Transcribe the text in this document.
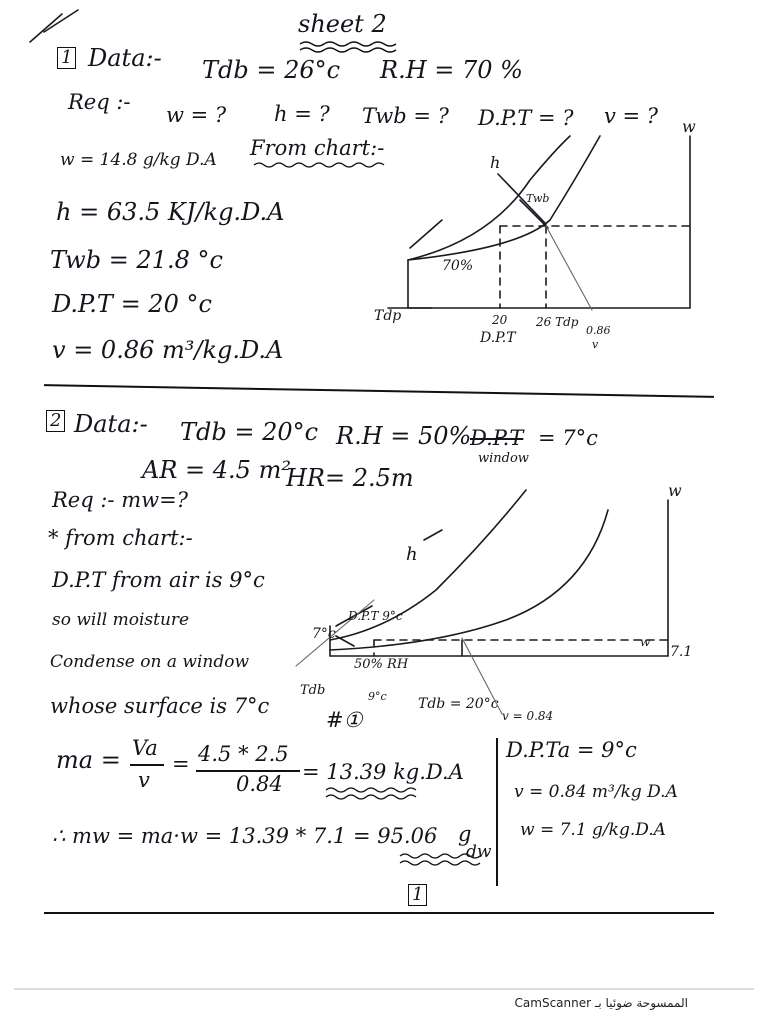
sheet 2
1 Data:- Tdb = 26°c R.H = 70 %
Req :-
w = ? h = ? Twb = ? D.P.T = ? v = ?
From chart:-
w = 14.8 g/kg D.A
h = 63.5 KJ/kg.D.A
Twb = 21.8 °c
D.P.T = 20 °c
v = 0.86 m³/kg.D.A
h
Twb
70%
w
Tdp	20
D.P.T
26 Tdp
0.86
v
2 Data:- Tdb = 20°c R.H = 50%
D.P.T = 7°c
window
AR = 4.5 m²
HR= 2.5m
Req :- mw=?
* from chart:-
D.P.T from air is 9°c
so will moisture
Condense on a window
whose surface is 7°c
#①
w
h
D.P.T 9°c
7°c
50% RH
Tdb	9°c Tdb = 20°c
v = 0.84
w
7.1
ma = Va
v
= 4.5 * 2.5
0.84 = 13.39 kg.D.A
∴ mw = ma·w = 13.39 * 7.1 = 95.06 g
dw
D.P.Ta = 9°c
v = 0.84 m³/kg D.A
w = 7.1 g/kg.D.A
1
CamScanner الممسوحة ضوئيا بـ
